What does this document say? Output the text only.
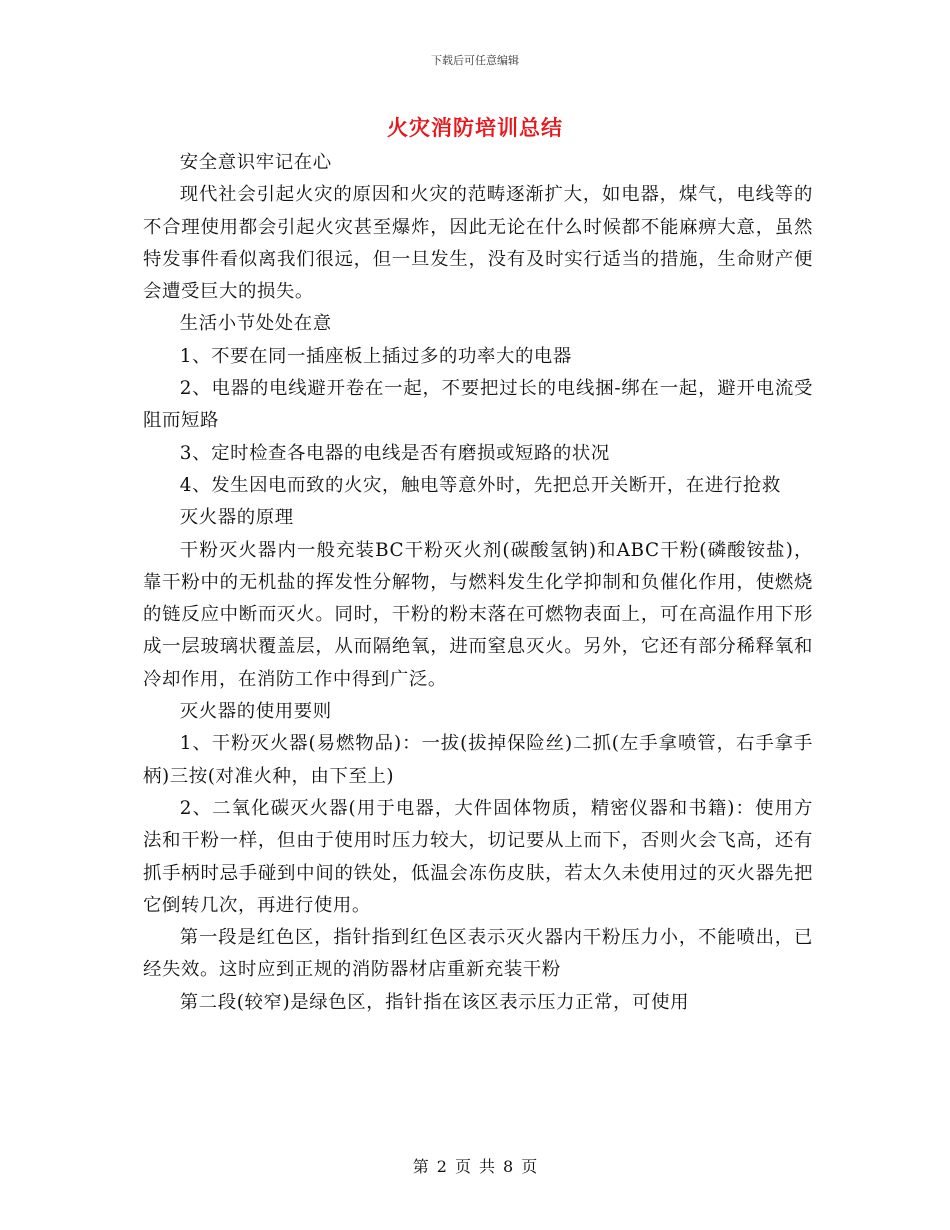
下载后可任意编辑
火灾消防培训总结

安全意识牢记在心

现代社会引起火灾的原因和火灾的范畴逐渐扩大，如电器，煤气，电线等的不合理使用都会引起火灾甚至爆炸，因此无论在什么时候都不能麻痹大意，虽然特发事件看似离我们很远，但一旦发生，没有及时实行适当的措施，生命财产便会遭受巨大的损失。

生活小节处处在意

1、不要在同一插座板上插过多的功率大的电器

2、电器的电线避开卷在一起，不要把过长的电线捆-绑在一起，避开电流受阻而短路

3、定时检查各电器的电线是否有磨损或短路的状况

4、发生因电而致的火灾，触电等意外时，先把总开关断开，在进行抢救

灭火器的原理

干粉灭火器内一般充装BC干粉灭火剂(碳酸氢钠)和ABC干粉(磷酸铵盐)，靠干粉中的无机盐的挥发性分解物，与燃料发生化学抑制和负催化作用，使燃烧的链反应中断而灭火。同时，干粉的粉末落在可燃物表面上，可在高温作用下形成一层玻璃状覆盖层，从而隔绝氧，进而窒息灭火。另外，它还有部分稀释氧和冷却作用，在消防工作中得到广泛。

灭火器的使用要则

1、干粉灭火器(易燃物品)：一拔(拔掉保险丝)二抓(左手拿喷管，右手拿手柄)三按(对准火种，由下至上)

2、二氧化碳灭火器(用于电器，大件固体物质，精密仪器和书籍)：使用方法和干粉一样，但由于使用时压力较大，切记要从上而下，否则火会飞高，还有抓手柄时忌手碰到中间的铁处，低温会冻伤皮肤，若太久未使用过的灭火器先把它倒转几次，再进行使用。

第一段是红色区，指针指到红色区表示灭火器内干粉压力小，不能喷出，已经失效。这时应到正规的消防器材店重新充装干粉

第二段(较窄)是绿色区，指针指在该区表示压力正常，可使用

第 2 页 共 8 页
